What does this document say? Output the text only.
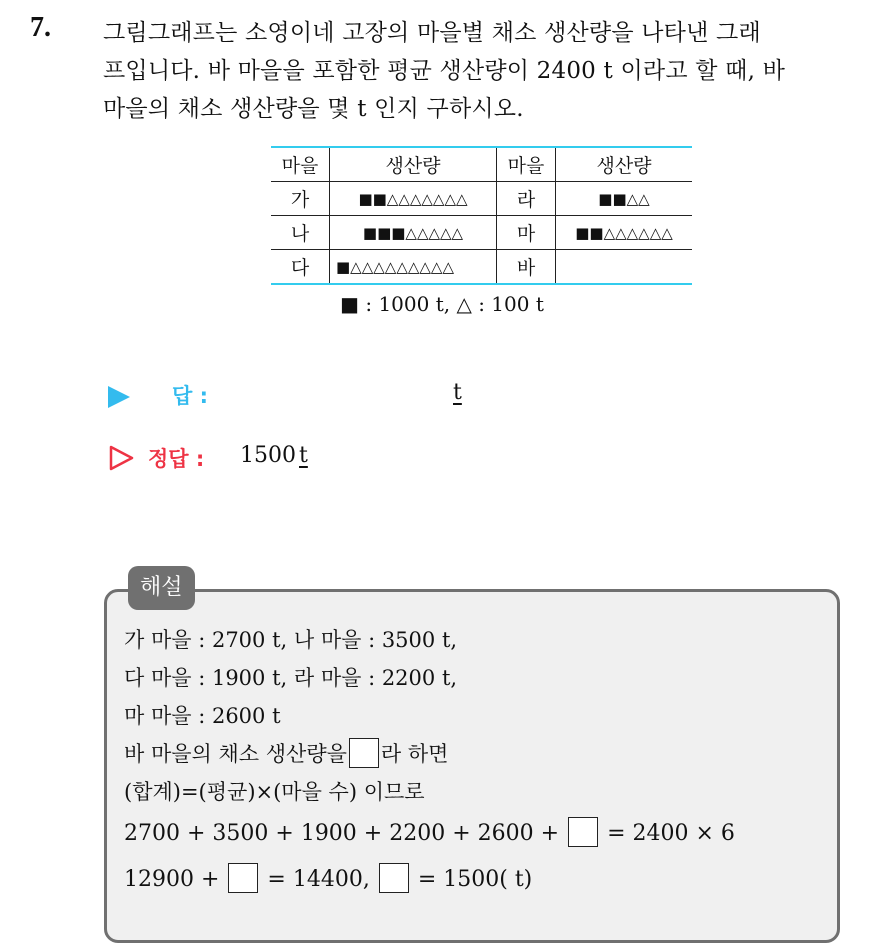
7. 그림그래프는 소영이네 고장의 마을별 채소 생산량을 나타낸 그래
프입니다. 바 마을을 포함한 평균 생산량이 2400 t 이라고 할 때, 바
마을의 채소 생산량을 몇 t 인지 구하시오.
마을	생산량	마을	생산량
가	■■△△△△△△△	라	■■△△
나	■■■△△△△△	마	■■△△△△△△
다	■△△△△△△△△△	바	
■ : 1000 t, △ : 100 t
답 :	t
정답 : 1500 t
해설
가 마을 : 2700 t, 나 마을 : 3500 t,
다 마을 : 1900 t, 라 마을 : 2200 t,
마 마을 : 2600 t
바 마을의 채소 생산량을 라 하면
(합계)=(평균)×(마을 수) 이므로
2700 + 3500 + 1900 + 2200 + 2600 + = 2400 × 6
12900 + = 14400, = 1500( t)
